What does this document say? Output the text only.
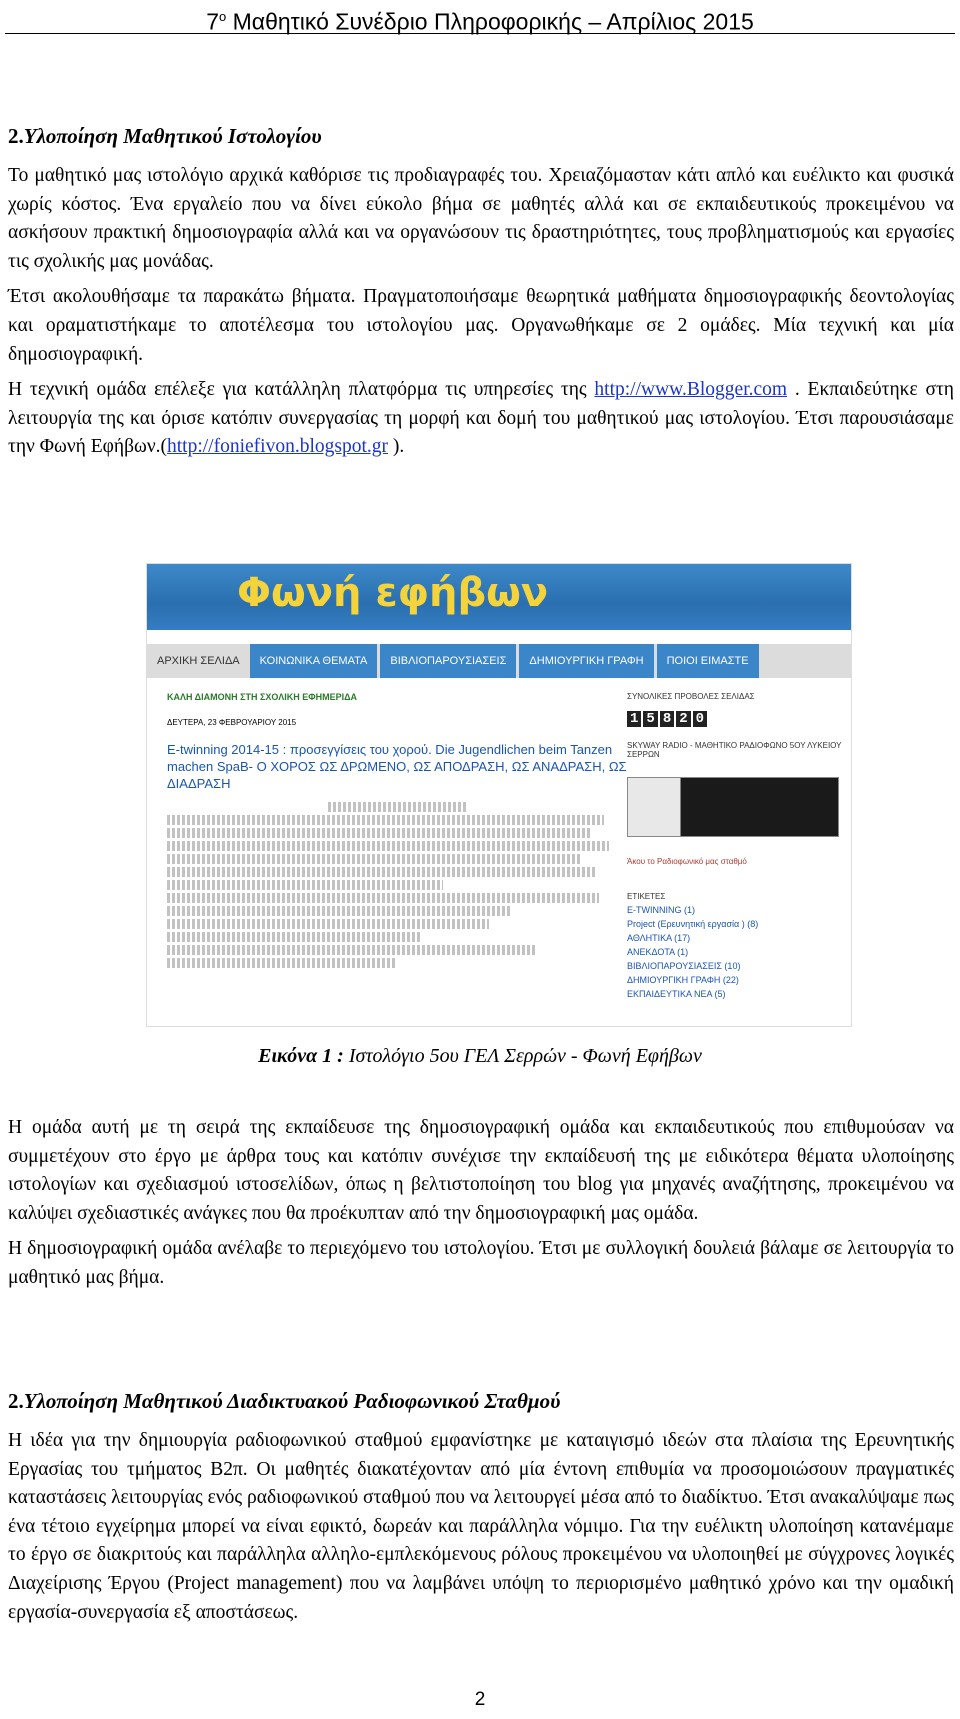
$7^o$ Μαθητικό Συνέδριο Πληροφορικής – Απρίλιος 2015
2.Υλοποίηση Μαθητικού Ιστολογίου

Το μαθητικό μας ιστολόγιο αρχικά καθόρισε τις προδιαγραφές του. Χρειαζόμασταν κάτι απλό και ευέλικτο και φυσικά χωρίς κόστος. Ένα εργαλείο που να δίνει εύκολο βήμα σε μαθητές αλλά και σε εκπαιδευτικούς προκειμένου να ασκήσουν πρακτική δημοσιογραφία αλλά και να οργανώσουν τις δραστηριότητες, τους προβληματισμούς και εργασίες τις σχολικής μας μονάδας.

Έτσι ακολουθήσαμε τα παρακάτω βήματα. Πραγματοποιήσαμε θεωρητικά μαθήματα δημοσιογραφικής δεοντολογίας και οραματιστήκαμε το αποτέλεσμα του ιστολογίου μας. Οργανωθήκαμε σε 2 ομάδες. Μία τεχνική και μία δημοσιογραφική.

Η τεχνική ομάδα επέλεξε για κατάλληλη πλατφόρμα τις υπηρεσίες της http://www.Blogger.com . Εκπαιδεύτηκε στη λειτουργία της και όρισε κατόπιν συνεργασίας τη μορφή και δομή του μαθητικού μας ιστολογίου. Έτσι παρουσιάσαμε την Φωνή Εφήβων.(http://foniefivon.blogspot.gr ).

Φωνή εφήβων
ΑΡΧΙΚΗ ΣΕΛΙΔΑ	ΚΟΙΝΩΝΙΚΑ ΘΕΜΑΤΑ	ΒΙΒΛΙΟΠΑΡΟΥΣΙΑΣΕΙΣ	ΔΗΜΙΟΥΡΓΙΚΗ ΓΡΑΦΗ	ΠΟΙΟΙ ΕΙΜΑΣΤΕ
ΚΑΛΗ ΔΙΑΜΟΝΗ ΣΤΗ ΣΧΟΛΙΚΗ ΕΦΗΜΕΡΙΔΑ
ΔΕΥΤΕΡΑ, 23 ΦΕΒΡΟΥΑΡΙΟΥ 2015
E-twinning 2014-15 : προσεγγίσεις του χορού. Die Jugendlichen beim Tanzen machen SpaB- Ο ΧΟΡΟΣ ΩΣ ΔΡΩΜΕΝΟ, ΩΣ ΑΠΟΔΡΑΣΗ, ΩΣ ΑΝΑΔΡΑΣΗ, ΩΣ ΔΙΑΔΡΑΣΗ
ΣΥΝΟΛΙΚΕΣ ΠΡΟΒΟΛΕΣ ΣΕΛΙΔΑΣ
1 5 8 2 0
SKYWAY RADIO - ΜΑΘΗΤΙΚΟ ΡΑΔΙΟΦΩΝΟ 5ΟΥ ΛΥΚΕΙΟΥ ΣΕΡΡΩΝ
Άκου το Ραδιοφωνικό μας σταθμό
ΕΤΙΚΕΤΕΣ
E-TWINNING (1)
Project (Ερευνητική εργασία ) (8)
ΑΘΛΗΤΙΚΑ (17)
ΑΝΕΚΔΟΤΑ (1)
ΒΙΒΛΙΟΠΑΡΟΥΣΙΑΣΕΙΣ (10)
ΔΗΜΙΟΥΡΓΙΚΗ ΓΡΑΦΗ (22)
ΕΚΠΑΙΔΕΥΤΙΚΑ ΝΕΑ (5)
Εικόνα 1 : Ιστολόγιο 5ου ΓΕΛ Σερρών - Φωνή Εφήβων

Η ομάδα αυτή με τη σειρά της εκπαίδευσε της δημοσιογραφική ομάδα και εκπαιδευτικούς που επιθυμούσαν να συμμετέχουν στο έργο με άρθρα τους και κατόπιν συνέχισε την εκπαίδευσή της με ειδικότερα θέματα υλοποίησης ιστολογίων και σχεδιασμού ιστοσελίδων, όπως η βελτιστοποίηση του blog για μηχανές αναζήτησης, προκειμένου να καλύψει σχεδιαστικές ανάγκες που θα προέκυπταν από την δημοσιογραφική μας ομάδα.

Η δημοσιογραφική ομάδα ανέλαβε το περιεχόμενο του ιστολογίου. Έτσι με συλλογική δουλειά βάλαμε σε λειτουργία το μαθητικό μας βήμα.

2.Υλοποίηση Μαθητικού Διαδικτυακού Ραδιοφωνικού Σταθμού

Η ιδέα για την δημιουργία ραδιοφωνικού σταθμού εμφανίστηκε με καταιγισμό ιδεών στα πλαίσια της Ερευνητικής Εργασίας του τμήματος Β2π. Οι μαθητές διακατέχονταν από μία έντονη επιθυμία να προσομοιώσουν πραγματικές καταστάσεις λειτουργίας ενός ραδιοφωνικού σταθμού που να λειτουργεί μέσα από το διαδίκτυο. Έτσι ανακαλύψαμε πως ένα τέτοιο εγχείρημα μπορεί να είναι εφικτό, δωρεάν και παράλληλα νόμιμο. Για την ευέλικτη υλοποίηση κατανέμαμε το έργο σε διακριτούς και παράλληλα αλληλο-εμπλεκόμενους ρόλους προκειμένου να υλοποιηθεί με σύγχρονες λογικές Διαχείρισης Έργου (Project management) που να λαμβάνει υπόψη το περιορισμένο μαθητικό χρόνο και την ομαδική εργασία-συνεργασία εξ αποστάσεως.

2
